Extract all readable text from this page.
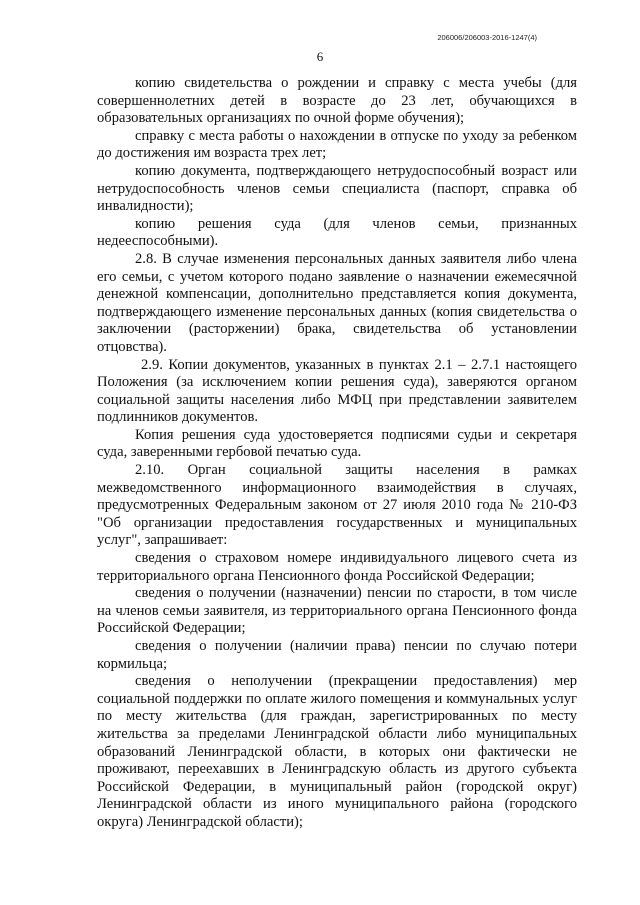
206006/206003-2016-1247(4)
6

копию свидетельства о рождении и справку с места учебы (для совершеннолетних детей в возрасте до 23 лет, обучающихся в образовательных организациях по очной форме обучения);

справку с места работы о нахождении в отпуске по уходу за ребенком до достижения им возраста трех лет;

копию документа, подтверждающего нетрудоспособный возраст или нетрудоспособность членов семьи специалиста (паспорт, справка об инвалидности);

копию решения суда (для членов семьи, признанных недееспособными).

2.8. В случае изменения персональных данных заявителя либо члена его семьи, с учетом которого подано заявление о назначении ежемесячной денежной компенсации, дополнительно представляется копия документа, подтверждающего изменение персональных данных (копия свидетельства о заключении (расторжении) брака, свидетельства об установлении отцовства).

2.9. Копии документов, указанных в пунктах 2.1 – 2.7.1 настоящего Положения (за исключением копии решения суда), заверяются органом социальной защиты населения либо МФЦ при представлении заявителем подлинников документов.

Копия решения суда удостоверяется подписями судьи и секретаря суда, заверенными гербовой печатью суда.

2.10. Орган социальной защиты населения в рамках межведомственного информационного взаимодействия в случаях, предусмотренных Федеральным законом от 27 июля 2010 года № 210-ФЗ "Об организации предоставления государственных и муниципальных услуг", запрашивает:

сведения о страховом номере индивидуального лицевого счета из территориального органа Пенсионного фонда Российской Федерации;

сведения о получении (назначении) пенсии по старости, в том числе на членов семьи заявителя, из территориального органа Пенсионного фонда Российской Федерации;

сведения о получении (наличии права) пенсии по случаю потери кормильца;

сведения о неполучении (прекращении предоставления) мер социальной поддержки по оплате жилого помещения и коммунальных услуг по месту жительства (для граждан, зарегистрированных по месту жительства за пределами Ленинградской области либо муниципальных образований Ленинградской области, в которых они фактически не проживают, переехавших в Ленинградскую область из другого субъекта Российской Федерации, в муниципальный район (городской округ) Ленинградской области из иного муниципального района (городского округа) Ленинградской области);
